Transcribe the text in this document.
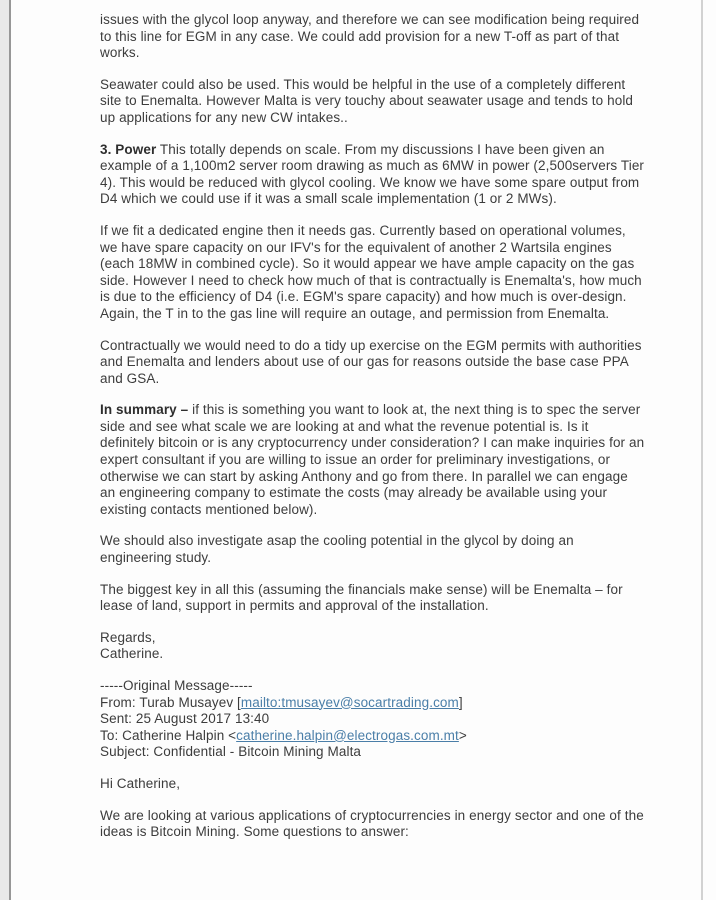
issues with the glycol loop anyway, and therefore we can see modification being required to this line for EGM in any case. We could add provision for a new T-off as part of that works.

Seawater could also be used. This would be helpful in the use of a completely different site to Enemalta. However Malta is very touchy about seawater usage and tends to hold up applications for any new CW intakes..

3. Power This totally depends on scale. From my discussions I have been given an example of a 1,100m2 server room drawing as much as 6MW in power (2,500servers Tier 4). This would be reduced with glycol cooling. We know we have some spare output from D4 which we could use if it was a small scale implementation (1 or 2 MWs).

If we fit a dedicated engine then it needs gas. Currently based on operational volumes, we have spare capacity on our IFV's for the equivalent of another 2 Wartsila engines (each 18MW in combined cycle). So it would appear we have ample capacity on the gas side. However I need to check how much of that is contractually is Enemalta's, how much is due to the efficiency of D4 (i.e. EGM's spare capacity) and how much is over-design. Again, the T in to the gas line will require an outage, and permission from Enemalta.

Contractually we would need to do a tidy up exercise on the EGM permits with authorities and Enemalta and lenders about use of our gas for reasons outside the base case PPA and GSA.

In summary – if this is something you want to look at, the next thing is to spec the server side and see what scale we are looking at and what the revenue potential is. Is it definitely bitcoin or is any cryptocurrency under consideration? I can make inquiries for an expert consultant if you are willing to issue an order for preliminary investigations, or otherwise we can start by asking Anthony and go from there. In parallel we can engage an engineering company to estimate the costs (may already be available using your existing contacts mentioned below).

We should also investigate asap the cooling potential in the glycol by doing an engineering study.

The biggest key in all this (assuming the financials make sense) will be Enemalta – for lease of land, support in permits and approval of the installation.

Regards,
Catherine.

-----Original Message-----
From: Turab Musayev [mailto:tmusayev@socartrading.com]
Sent: 25 August 2017 13:40
To: Catherine Halpin <catherine.halpin@electrogas.com.mt>
Subject: Confidential - Bitcoin Mining Malta

Hi Catherine,

We are looking at various applications of cryptocurrencies in energy sector and one of the ideas is Bitcoin Mining. Some questions to answer:
